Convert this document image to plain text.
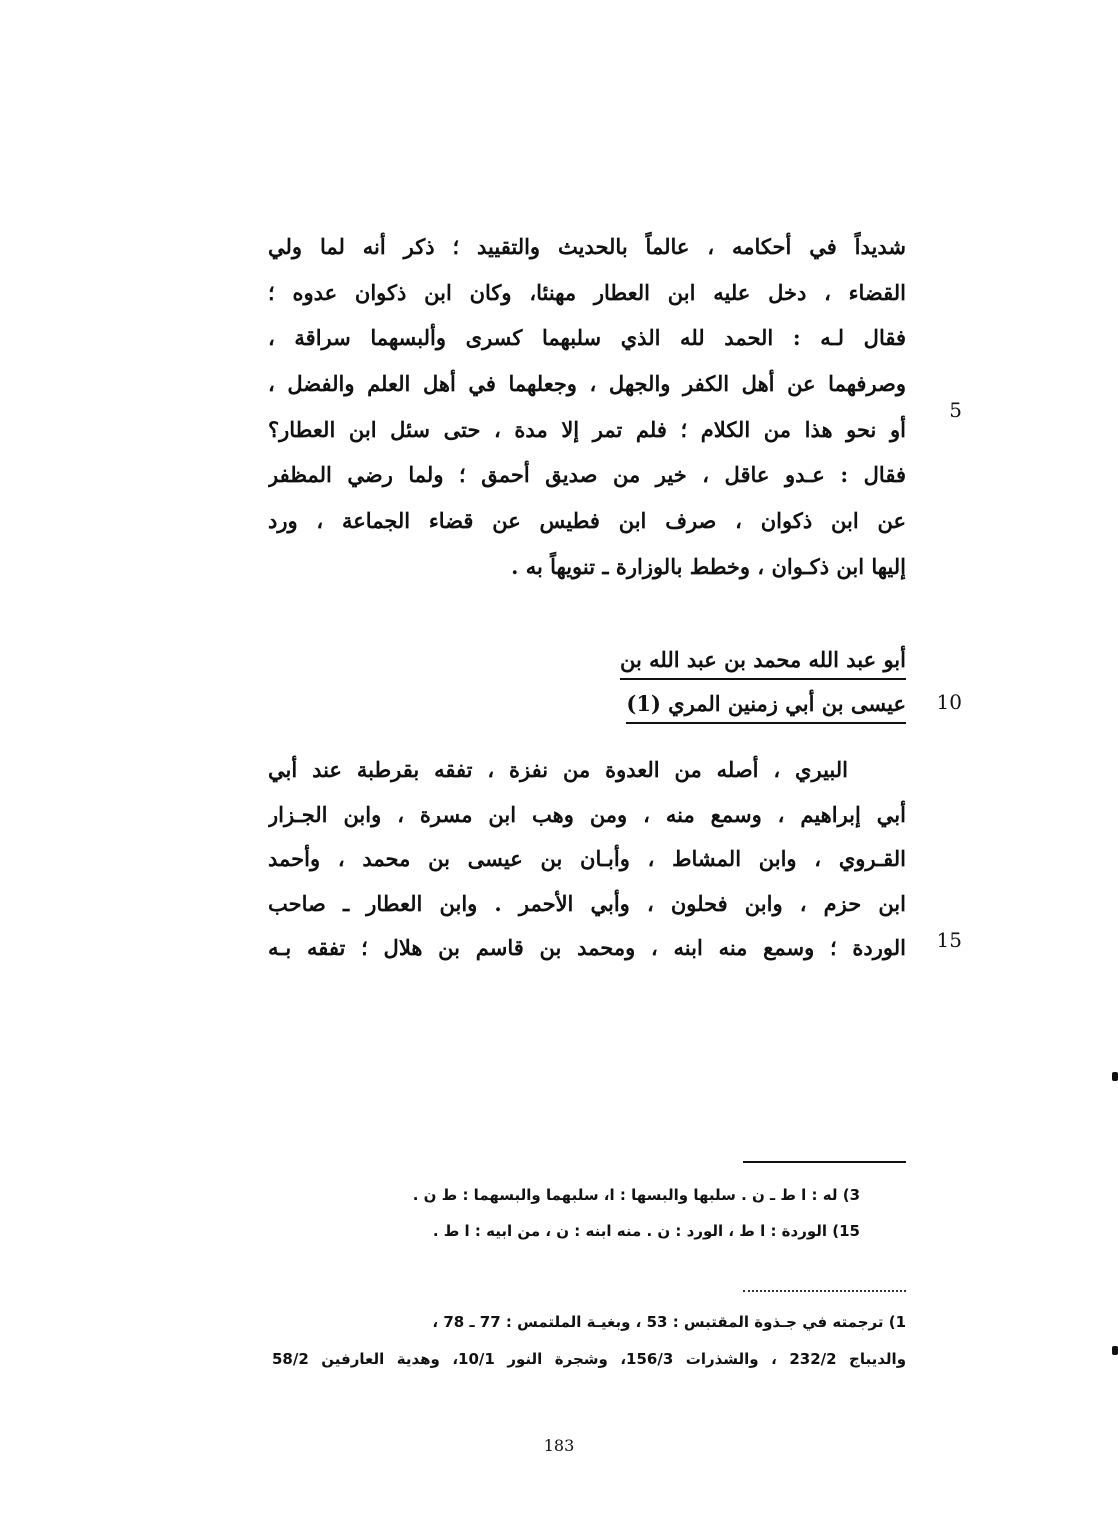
شديداً في أحكامه ، عالماً بالحديث والتقييد ؛ ذكر أنه لما ولي
القضاء ، دخل عليه ابن العطار مهنئا، وكان ابن ذكوان عدوه ؛
فقال لـه : الحمد لله الذي سلبهما كسرى وألبسهما سراقة ،
وصرفهما عن أهل الكفر والجهل ، وجعلهما في أهل العلم والفضل ،
أو نحو هذا من الكلام ؛ فلم تمر إلا مدة ، حتى سئل ابن العطار؟
فقال : عـدو عاقل ، خير من صديق أحمق ؛ ولما رضي المظفر
عن ابن ذكوان ، صرف ابن فطيس عن قضاء الجماعة ، ورد
إليها ابن ذكـوان ، وخطط بالوزارة ـ تنويهاً به .
5
أبو عبد الله محمد بن عبد الله بن
عيسى بن أبي زمنين المري (1)	10
البيري ، أصله من العدوة من نفزة ، تفقه بقرطبة عند أبي
أبي إبراهيم ، وسمع منه ، ومن وهب ابن مسرة ، وابن الجـزار
القـروي ، وابن المشاط ، وأبـان بن عيسى بن محمد ، وأحمد
ابن حزم ، وابن فحلون ، وأبي الأحمر . وابن العطار ـ صاحب
الوردة ؛ وسمع منه ابنه ، ومحمد بن قاسم بن هلال ؛ تفقه بـه	15
3) له : ا ط ـ ن . سلبها والبسها : ا، سلبهما والبسهما : ط ن .
15) الوردة : ا ط ، الورد : ن . منه ابنه : ن ، من ابيه : ا ط .
1) ترجمته في جـذوة المقتبس : 53 ، وبغيـة الملتمس : 77 ـ 78 ،
والديباج 232/2 ، والشذرات 156/3، وشجرة النور 10/1، وهدية العارفين 58/2
183
